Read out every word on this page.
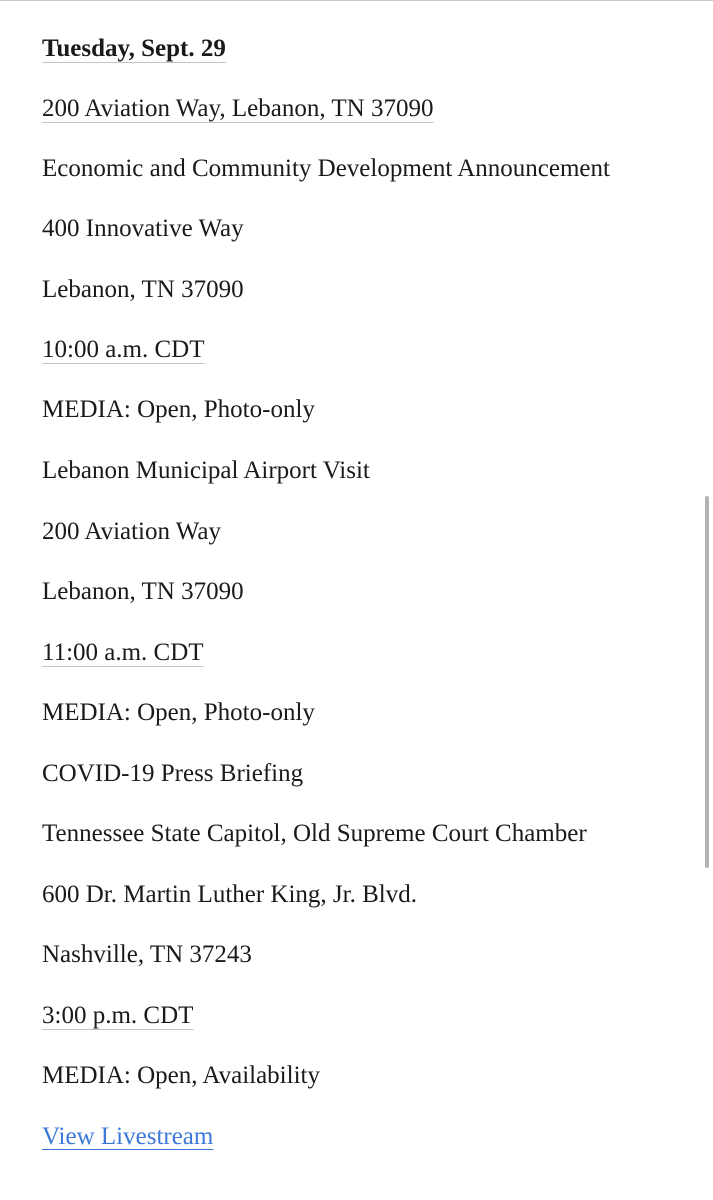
Tuesday, Sept. 29
200 Aviation Way, Lebanon, TN 37090
Economic and Community Development Announcement
400 Innovative Way
Lebanon, TN 37090
10:00 a.m. CDT
MEDIA: Open, Photo-only
Lebanon Municipal Airport Visit
200 Aviation Way
Lebanon, TN 37090
11:00 a.m. CDT
MEDIA: Open, Photo-only
COVID-19 Press Briefing
Tennessee State Capitol, Old Supreme Court Chamber
600 Dr. Martin Luther King, Jr. Blvd.
Nashville, TN 37243
3:00 p.m. CDT
MEDIA: Open, Availability
View Livestream
